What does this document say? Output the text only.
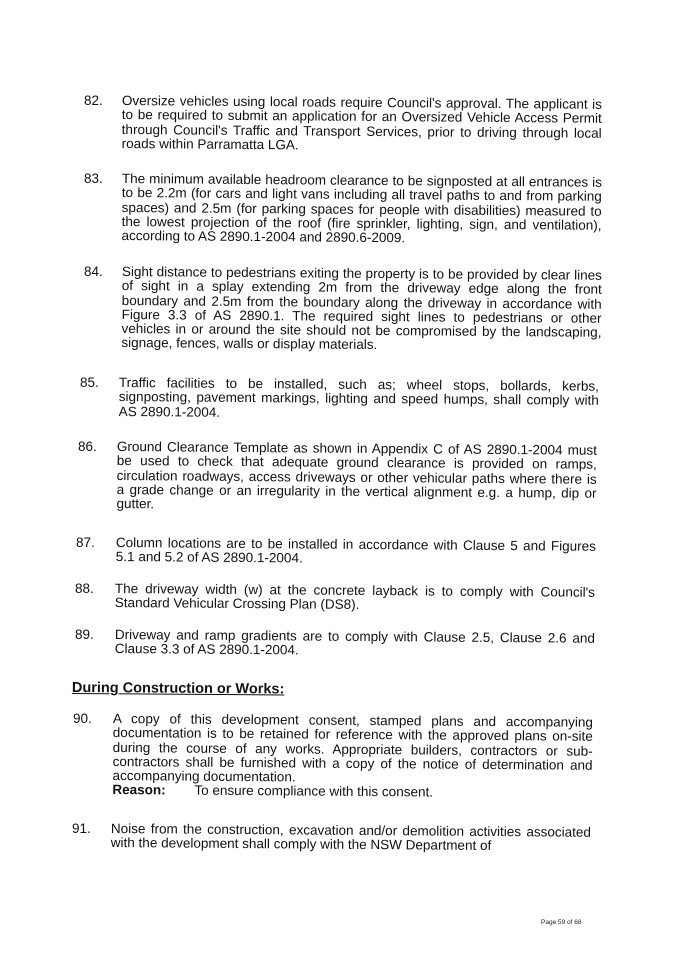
82. Oversize vehicles using local roads require Council's approval. The applicant is to be required to submit an application for an Oversized Vehicle Access Permit through Council's Traffic and Transport Services, prior to driving through local roads within Parramatta LGA.
83. The minimum available headroom clearance to be signposted at all entrances is to be 2.2m (for cars and light vans including all travel paths to and from parking spaces) and 2.5m (for parking spaces for people with disabilities) measured to the lowest projection of the roof (fire sprinkler, lighting, sign, and ventilation), according to AS 2890.1-2004 and 2890.6-2009.
84. Sight distance to pedestrians exiting the property is to be provided by clear lines of sight in a splay extending 2m from the driveway edge along the front boundary and 2.5m from the boundary along the driveway in accordance with Figure 3.3 of AS 2890.1. The required sight lines to pedestrians or other vehicles in or around the site should not be compromised by the landscaping, signage, fences, walls or display materials.
85. Traffic facilities to be installed, such as; wheel stops, bollards, kerbs, signposting, pavement markings, lighting and speed humps, shall comply with AS 2890.1-2004.
86. Ground Clearance Template as shown in Appendix C of AS 2890.1-2004 must be used to check that adequate ground clearance is provided on ramps, circulation roadways, access driveways or other vehicular paths where there is a grade change or an irregularity in the vertical alignment e.g. a hump, dip or gutter.
87. Column locations are to be installed in accordance with Clause 5 and Figures 5.1 and 5.2 of AS 2890.1-2004.
88. The driveway width (w) at the concrete layback is to comply with Council's Standard Vehicular Crossing Plan (DS8).
89. Driveway and ramp gradients are to comply with Clause 2.5, Clause 2.6 and Clause 3.3 of AS 2890.1-2004.
During Construction or Works:
90. A copy of this development consent, stamped plans and accompanying documentation is to be retained for reference with the approved plans on-site during the course of any works. Appropriate builders, contractors or sub-contractors shall be furnished with a copy of the notice of determination and accompanying documentation.
Reason: To ensure compliance with this consent.
91. Noise from the construction, excavation and/or demolition activities associated with the development shall comply with the NSW Department of
Page 59 of 68
